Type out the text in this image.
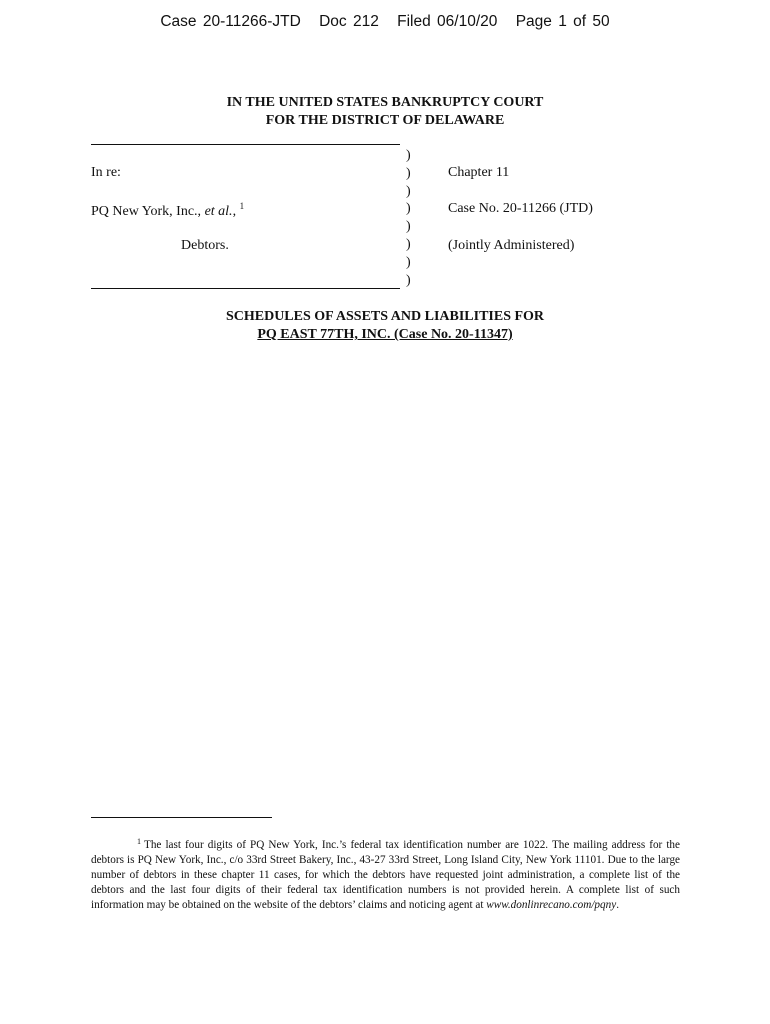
Case 20-11266-JTD Doc 212 Filed 06/10/20 Page 1 of 50
IN THE UNITED STATES BANKRUPTCY COURT
FOR THE DISTRICT OF DELAWARE
)
)
)
)
)
)
)
)
In re:
PQ New York, Inc., et al., $^1$
Debtors.
Chapter 11
Case No. 20-11266 (JTD)
(Jointly Administered)
SCHEDULES OF ASSETS AND LIABILITIES FOR
PQ EAST 77TH, INC. (Case No. 20-11347)
$^1$ The last four digits of PQ New York, Inc.’s federal tax identification number are 1022. The mailing address for the debtors is PQ New York, Inc., c/o 33rd Street Bakery, Inc., 43-27 33rd Street, Long Island City, New York 11101. Due to the large number of debtors in these chapter 11 cases, for which the debtors have requested joint administration, a complete list of the debtors and the last four digits of their federal tax identification numbers is not provided herein. A complete list of such information may be obtained on the website of the debtors’ claims and noticing agent at www.donlinrecano.com/pqny.
